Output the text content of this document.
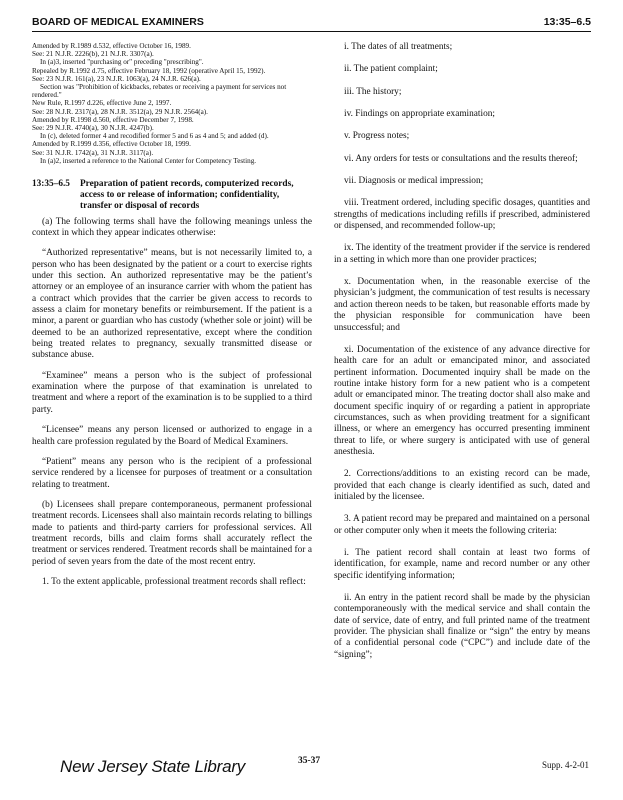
BOARD OF MEDICAL EXAMINERS	13:35–6.5

Amended by R.1989 d.532, effective October 16, 1989.

See: 21 N.J.R. 2226(b), 21 N.J.R. 3307(a).

In (a)3, inserted "purchasing or" preceding "prescribing".

Repealed by R.1992 d.75, effective February 18, 1992 (operative April 15, 1992).

See: 23 N.J.R. 161(a), 23 N.J.R. 1063(a), 24 N.J.R. 626(a).

Section was "Prohibition of kickbacks, rebates or receiving a payment for services not rendered."

New Rule, R.1997 d.226, effective June 2, 1997.

See: 28 N.J.R. 2317(a), 28 N.J.R. 3512(a), 29 N.J.R. 2564(a).

Amended by R.1998 d.560, effective December 7, 1998.

See: 29 N.J.R. 4740(a), 30 N.J.R. 4247(b).

In (c), deleted former 4 and recodified former 5 and 6 as 4 and 5; and added (d).

Amended by R.1999 d.356, effective October 18, 1999.

See: 31 N.J.R. 1742(a), 31 N.J.R. 3117(a).

In (a)2, inserted a reference to the National Center for Competency Testing.

13:35–6.5	Preparation of patient records, computerized records, access to or release of information; confidentiality, transfer or disposal of records

(a) The following terms shall have the following meanings unless the context in which they appear indicates otherwise:

“Authorized representative” means, but is not necessarily limited to, a person who has been designated by the patient or a court to exercise rights under this section. An authorized representative may be the patient’s attorney or an employee of an insurance carrier with whom the patient has a contract which provides that the carrier be given access to records to assess a claim for monetary benefits or reimbursement. If the patient is a minor, a parent or guardian who has custody (whether sole or joint) will be deemed to be an authorized representative, except where the condition being treated relates to pregnancy, sexually transmitted disease or substance abuse.

“Examinee” means a person who is the subject of professional examination where the purpose of that examination is unrelated to treatment and where a report of the examination is to be supplied to a third party.

“Licensee” means any person licensed or authorized to engage in a health care profession regulated by the Board of Medical Examiners.

“Patient” means any person who is the recipient of a professional service rendered by a licensee for purposes of treatment or a consultation relating to treatment.

(b) Licensees shall prepare contemporaneous, permanent professional treatment records. Licensees shall also maintain records relating to billings made to patients and third-party carriers for professional services. All treatment records, bills and claim forms shall accurately reflect the treatment or services rendered. Treatment records shall be maintained for a period of seven years from the date of the most recent entry.

1. To the extent applicable, professional treatment records shall reflect:

i. The dates of all treatments;

ii. The patient complaint;

iii. The history;

iv. Findings on appropriate examination;

v. Progress notes;

vi. Any orders for tests or consultations and the results thereof;

vii. Diagnosis or medical impression;

viii. Treatment ordered, including specific dosages, quantities and strengths of medications including refills if prescribed, administered or dispensed, and recommended follow-up;

ix. The identity of the treatment provider if the service is rendered in a setting in which more than one provider practices;

x. Documentation when, in the reasonable exercise of the physician’s judgment, the communication of test results is necessary and action thereon needs to be taken, but reasonable efforts made by the physician responsible for communication have been unsuccessful; and

xi. Documentation of the existence of any advance directive for health care for an adult or emancipated minor, and associated pertinent information. Documented inquiry shall be made on the routine intake history form for a new patient who is a competent adult or emancipated minor. The treating doctor shall also make and document specific inquiry of or regarding a patient in appropriate circumstances, such as when providing treatment for a significant illness, or where an emergency has occurred presenting imminent threat to life, or where surgery is anticipated with use of general anesthesia.

2. Corrections/additions to an existing record can be made, provided that each change is clearly identified as such, dated and initialed by the licensee.

3. A patient record may be prepared and maintained on a personal or other computer only when it meets the following criteria:

i. The patient record shall contain at least two forms of identification, for example, name and record number or any other specific identifying information;

ii. An entry in the patient record shall be made by the physician contemporaneously with the medical service and shall contain the date of service, date of entry, and full printed name of the treatment provider. The physician shall finalize or “sign” the entry by means of a confidential personal code (“CPC”) and include date of the “signing”;

New Jersey State Library	35-37	Supp. 4-2-01
